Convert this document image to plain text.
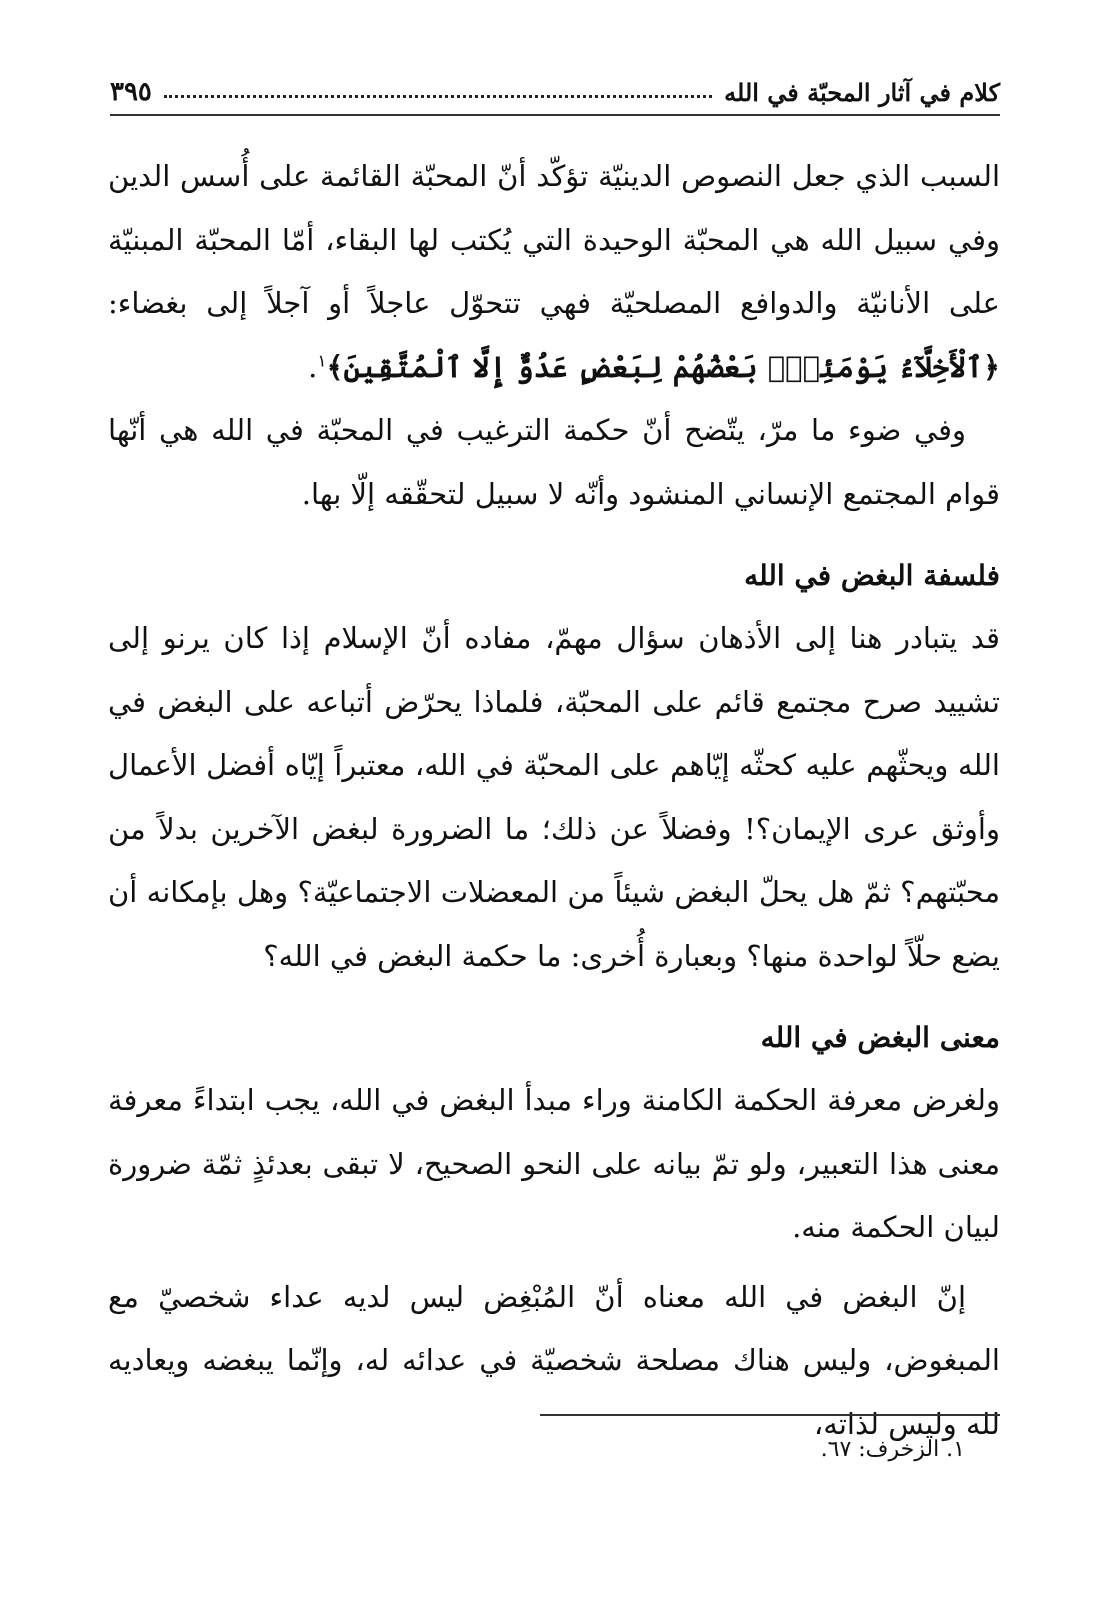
كلام في آثار المحبّة في الله
٣٩٥

السبب الذي جعل النصوص الدينيّة تؤكّد أنّ المحبّة القائمة على أُسس الدين وفي سبيل الله هي المحبّة الوحيدة التي يُكتب لها البقاء، أمّا المحبّة المبنيّة على الأنانيّة والدوافع المصلحيّة فهي تتحوّل عاجلاً أو آجلاً إلى بغضاء: ﴿ٱلْأَخِلَّآءُ يَوْمَئِذِۭ بَعْضُهُمْ لِبَعْضٍ عَدُوٌّ إِلَّا ٱلْمُتَّقِينَ﴾$^١$.

وفي ضوء ما مرّ، يتّضح أنّ حكمة الترغيب في المحبّة في الله هي أنّها قوام المجتمع الإنساني المنشود وأنّه لا سبيل لتحقّقه إلّا بها.

فلسفة البغض في الله

قد يتبادر هنا إلى الأذهان سؤال مهمّ، مفاده أنّ الإسلام إذا كان يرنو إلى تشييد صرح مجتمع قائم على المحبّة، فلماذا يحرّض أتباعه على البغض في الله ويحثّهم عليه كحثّه إيّاهم على المحبّة في الله، معتبراً إيّاه أفضل الأعمال وأوثق عرى الإيمان؟! وفضلاً عن ذلك؛ ما الضرورة لبغض الآخرين بدلاً من محبّتهم؟ ثمّ هل يحلّ البغض شيئاً من المعضلات الاجتماعيّة؟ وهل بإمكانه أن يضع حلّاً لواحدة منها؟ وبعبارة أُخرى: ما حكمة البغض في الله؟

معنى البغض في الله

ولغرض معرفة الحكمة الكامنة وراء مبدأ البغض في الله، يجب ابتداءً معرفة معنى هذا التعبير، ولو تمّ بيانه على النحو الصحيح، لا تبقى بعدئذٍ ثمّة ضرورة لبيان الحكمة منه.

إنّ البغض في الله معناه أنّ المُبْغِض ليس لديه عداء شخصيّ مع المبغوض، وليس هناك مصلحة شخصيّة في عدائه له، وإنّما يبغضه ويعاديه لله وليس لذاته،

١. الزخرف: ٦٧.
